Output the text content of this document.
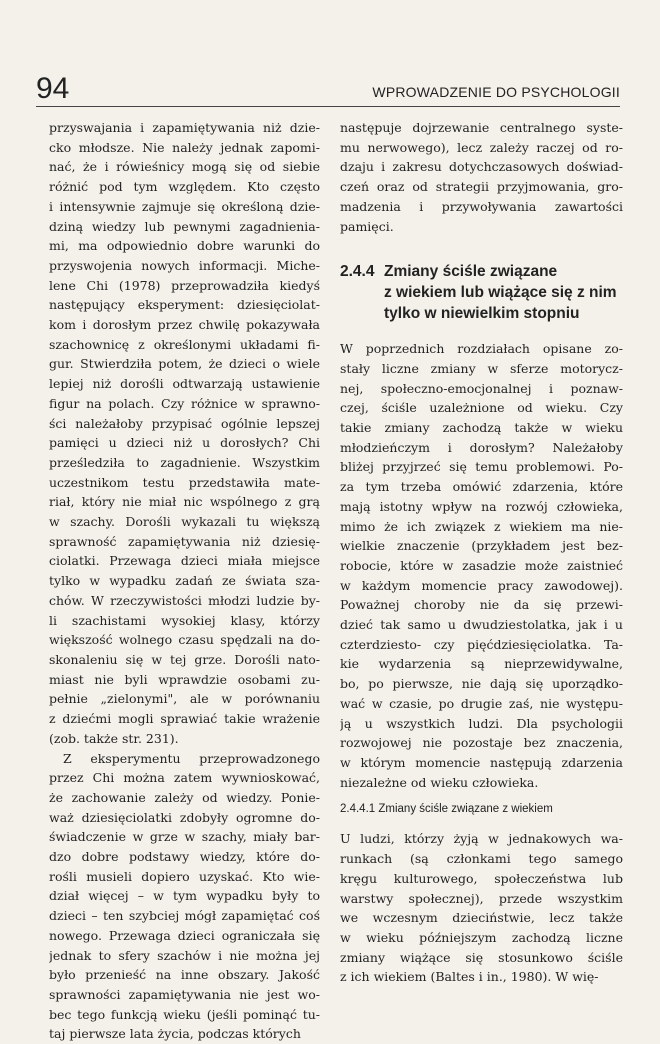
94	WPROWADZENIE DO PSYCHOLOGII
przyswajania i zapamiętywania niż dzie-
cko młodsze. Nie należy jednak zapomi-
nać, że i rówieśnicy mogą się od siebie
różnić pod tym względem. Kto często
i intensywnie zajmuje się określoną dzie-
dziną wiedzy lub pewnymi zagadnienia-
mi, ma odpowiednio dobre warunki do
przyswojenia nowych informacji. Miche-
lene Chi (1978) przeprowadziła kiedyś
następujący eksperyment: dziesięciolat-
kom i dorosłym przez chwilę pokazywała
szachownicę z określonymi układami fi-
gur. Stwierdziła potem, że dzieci o wiele
lepiej niż dorośli odtwarzają ustawienie
figur na polach. Czy różnice w sprawno-
ści należałoby przypisać ogólnie lepszej
pamięci u dzieci niż u dorosłych? Chi
prześledziła to zagadnienie. Wszystkim
uczestnikom testu przedstawiła mate-
riał, który nie miał nic wspólnego z grą
w szachy. Dorośli wykazali tu większą
sprawność zapamiętywania niż dziesię-
ciolatki. Przewaga dzieci miała miejsce
tylko w wypadku zadań ze świata sza-
chów. W rzeczywistości młodzi ludzie by-
li szachistami wysokiej klasy, którzy
większość wolnego czasu spędzali na do-
skonaleniu się w tej grze. Dorośli nato-
miast nie byli wprawdzie osobami zu-
pełnie „zielonymi", ale w porównaniu
z dziećmi mogli sprawiać takie wrażenie
(zob. także str. 231).
Z eksperymentu przeprowadzonego
przez Chi można zatem wywnioskować,
że zachowanie zależy od wiedzy. Ponie-
waż dziesięciolatki zdobyły ogromne do-
świadczenie w grze w szachy, miały bar-
dzo dobre podstawy wiedzy, które do-
rośli musieli dopiero uzyskać. Kto wie-
dział więcej – w tym wypadku były to
dzieci – ten szybciej mógł zapamiętać coś
nowego. Przewaga dzieci ograniczała się
jednak to sfery szachów i nie można jej
było przenieść na inne obszary. Jakość
sprawności zapamiętywania nie jest wo-
bec tego funkcją wieku (jeśli pominąć tu-
taj pierwsze lata życia, podczas których
następuje dojrzewanie centralnego syste-
mu nerwowego), lecz zależy raczej od ro-
dzaju i zakresu dotychczasowych doświad-
czeń oraz od strategii przyjmowania, gro-
madzenia i przywoływania zawartości
pamięci.
2.4.4 Zmiany ściśle związane
z wiekiem lub wiążące się z nim
tylko w niewielkim stopniu
W poprzednich rozdziałach opisane zo-
stały liczne zmiany w sferze motorycz-
nej, społeczno-emocjonalnej i poznaw-
czej, ściśle uzależnione od wieku. Czy
takie zmiany zachodzą także w wieku
młodzieńczym i dorosłym? Należałoby
bliżej przyjrzeć się temu problemowi. Po-
za tym trzeba omówić zdarzenia, które
mają istotny wpływ na rozwój człowieka,
mimo że ich związek z wiekiem ma nie-
wielkie znaczenie (przykładem jest bez-
robocie, które w zasadzie może zaistnieć
w każdym momencie pracy zawodowej).
Poważnej choroby nie da się przewi-
dzieć tak samo u dwudziestolatka, jak i u
czterdziesto- czy pięćdziesięciolatka. Ta-
kie wydarzenia są nieprzewidywalne,
bo, po pierwsze, nie dają się uporządko-
wać w czasie, po drugie zaś, nie występu-
ją u wszystkich ludzi. Dla psychologii
rozwojowej nie pozostaje bez znaczenia,
w którym momencie następują zdarzenia
niezależne od wieku człowieka.
2.4.4.1 Zmiany ściśle związane z wiekiem
U ludzi, którzy żyją w jednakowych wa-
runkach (są członkami tego samego
kręgu kulturowego, społeczeństwa lub
warstwy społecznej), przede wszystkim
we wczesnym dzieciństwie, lecz także
w wieku późniejszym zachodzą liczne
zmiany wiążące się stosunkowo ściśle
z ich wiekiem (Baltes i in., 1980). W wię-
